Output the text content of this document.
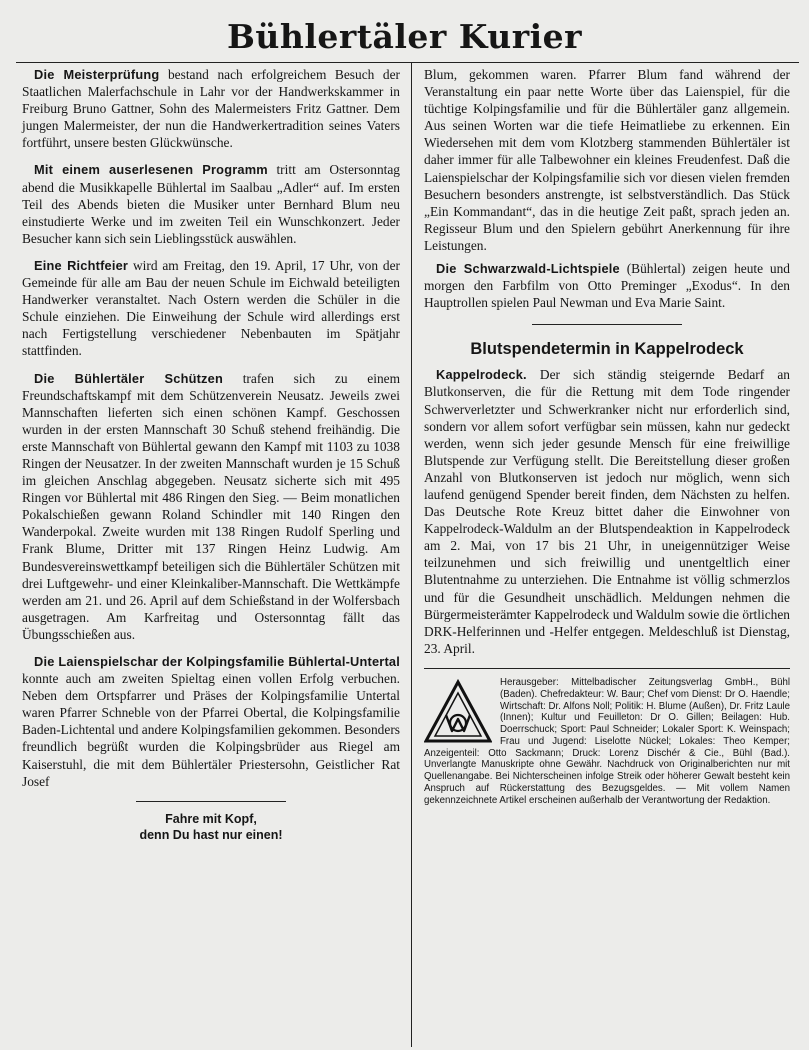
Bühlertäler Kurier

Die Meisterprüfung bestand nach erfolgreichem Besuch der Staatlichen Malerfachschule in Lahr vor der Handwerkskammer in Freiburg Bruno Gattner, Sohn des Malermeisters Fritz Gattner. Dem jungen Malermeister, der nun die Handwerkertradition seines Vaters fortführt, unsere besten Glückwünsche.

Mit einem auserlesenen Programm tritt am Ostersonntag abend die Musikkapelle Bühlertal im Saalbau „Adler“ auf. Im ersten Teil des Abends bieten die Musiker unter Bernhard Blum neu einstudierte Werke und im zweiten Teil ein Wunschkonzert. Jeder Besucher kann sich sein Lieblingsstück auswählen.

Eine Richtfeier wird am Freitag, den 19. April, 17 Uhr, von der Gemeinde für alle am Bau der neuen Schule im Eichwald beteiligten Handwerker veranstaltet. Nach Ostern werden die Schüler in die Schule einziehen. Die Einweihung der Schule wird allerdings erst nach Fertigstellung verschiedener Nebenbauten im Spätjahr stattfinden.

Die Bühlertäler Schützen trafen sich zu einem Freundschaftskampf mit dem Schützenverein Neusatz. Jeweils zwei Mannschaften lieferten sich einen schönen Kampf. Geschossen wurden in der ersten Mannschaft 30 Schuß stehend freihändig. Die erste Mannschaft von Bühlertal gewann den Kampf mit 1103 zu 1038 Ringen der Neusatzer. In der zweiten Mannschaft wurden je 15 Schuß im gleichen Anschlag abgegeben. Neusatz sicherte sich mit 495 Ringen vor Bühlertal mit 486 Ringen den Sieg. — Beim monatlichen Pokalschießen gewann Roland Schindler mit 140 Ringen den Wanderpokal. Zweite wurden mit 138 Ringen Rudolf Sperling und Frank Blume, Dritter mit 137 Ringen Heinz Ludwig. Am Bundesvereinswettkampf beteiligen sich die Bühlertäler Schützen mit drei Luftgewehr- und einer Kleinkaliber-Mannschaft. Die Wettkämpfe werden am 21. und 26. April auf dem Schießstand in der Wolfersbach ausgetragen. Am Karfreitag und Ostersonntag fällt das Übungsschießen aus.

Die Laienspielschar der Kolpingsfamilie Bühlertal-Untertal konnte auch am zweiten Spieltag einen vollen Erfolg verbuchen. Neben dem Ortspfarrer und Präses der Kolpingsfamilie Untertal waren Pfarrer Schneble von der Pfarrei Obertal, die Kolpingsfamilie Baden-Lichtental und andere Kolpingsfamilien gekommen. Besonders freundlich begrüßt wurden die Kolpingsbrüder aus Riegel am Kaiserstuhl, die mit dem Bühlertäler Priestersohn, Geistlicher Rat Josef

Fahre mit Kopf,
denn Du hast nur einen!

Blum, gekommen waren. Pfarrer Blum fand während der Veranstaltung ein paar nette Worte über das Laienspiel, für die tüchtige Kolpingsfamilie und für die Bühlertäler ganz allgemein. Aus seinen Worten war die tiefe Heimatliebe zu erkennen. Ein Wiedersehen mit dem vom Klotzberg stammenden Bühlertäler ist daher immer für alle Talbewohner ein kleines Freudenfest. Daß die Laienspielschar der Kolpingsfamilie sich vor diesen vielen fremden Besuchern besonders anstrengte, ist selbstverständlich. Das Stück „Ein Kommandant“, das in die heutige Zeit paßt, sprach jeden an. Regisseur Blum und den Spielern gebührt Anerkennung für ihre Leistungen.

Die Schwarzwald-Lichtspiele (Bühlertal) zeigen heute und morgen den Farbfilm von Otto Preminger „Exodus“. In den Hauptrollen spielen Paul Newman und Eva Marie Saint.

Blutspendetermin in Kappelrodeck

Kappelrodeck. Der sich ständig steigernde Bedarf an Blutkonserven, die für die Rettung mit dem Tode ringender Schwerverletzter und Schwerkranker nicht nur erforderlich sind, sondern vor allem sofort verfügbar sein müssen, kahn nur gedeckt werden, wenn sich jeder gesunde Mensch für eine freiwillige Blutspende zur Verfügung stellt. Die Bereitstellung dieser großen Anzahl von Blutkonserven ist jedoch nur möglich, wenn sich laufend genügend Spender bereit finden, dem Nächsten zu helfen. Das Deutsche Rote Kreuz bittet daher die Einwohner von Kappelrodeck-Waldulm an der Blutspendeaktion in Kappelrodeck am 2. Mai, von 17 bis 21 Uhr, in uneigennütziger Weise teilzunehmen und sich freiwillig und unentgeltlich einer Blutentnahme zu unterziehen. Die Entnahme ist völlig schmerzlos und für die Gesundheit unschädlich. Meldungen nehmen die Bürgermeisterämter Kappelrodeck und Waldulm sowie die örtlichen DRK-Helferinnen und -Helfer entgegen. Meldeschluß ist Dienstag, 23. April.

Herausgeber: Mittelbadischer Zeitungsverlag GmbH., Bühl (Baden). Chefredakteur: W. Baur; Chef vom Dienst: Dr O. Haendle; Wirtschaft: Dr. Alfons Noll; Politik: H. Blume (Außen), Dr. Fritz Laule (Innen); Kultur und Feuilleton: Dr O. Gillen; Beilagen: Hub. Doerrschuck; Sport: Paul Schneider; Lokaler Sport: K. Weinspach; Frau und Jugend: Liselotte Nückel; Lokales: Theo Kemper; Anzeigenteil: Otto Sackmann; Druck: Lorenz Dischér & Cie., Bühl (Bad.). Unverlangte Manuskripte ohne Gewähr. Nachdruck von Originalberichten nur mit Quellenangabe. Bei Nichterscheinen infolge Streik oder höherer Gewalt besteht kein Anspruch auf Rückerstattung des Bezugsgeldes. — Mit vollem Namen gekennzeichnete Artikel erscheinen außerhalb der Verantwortung der Redaktion.
